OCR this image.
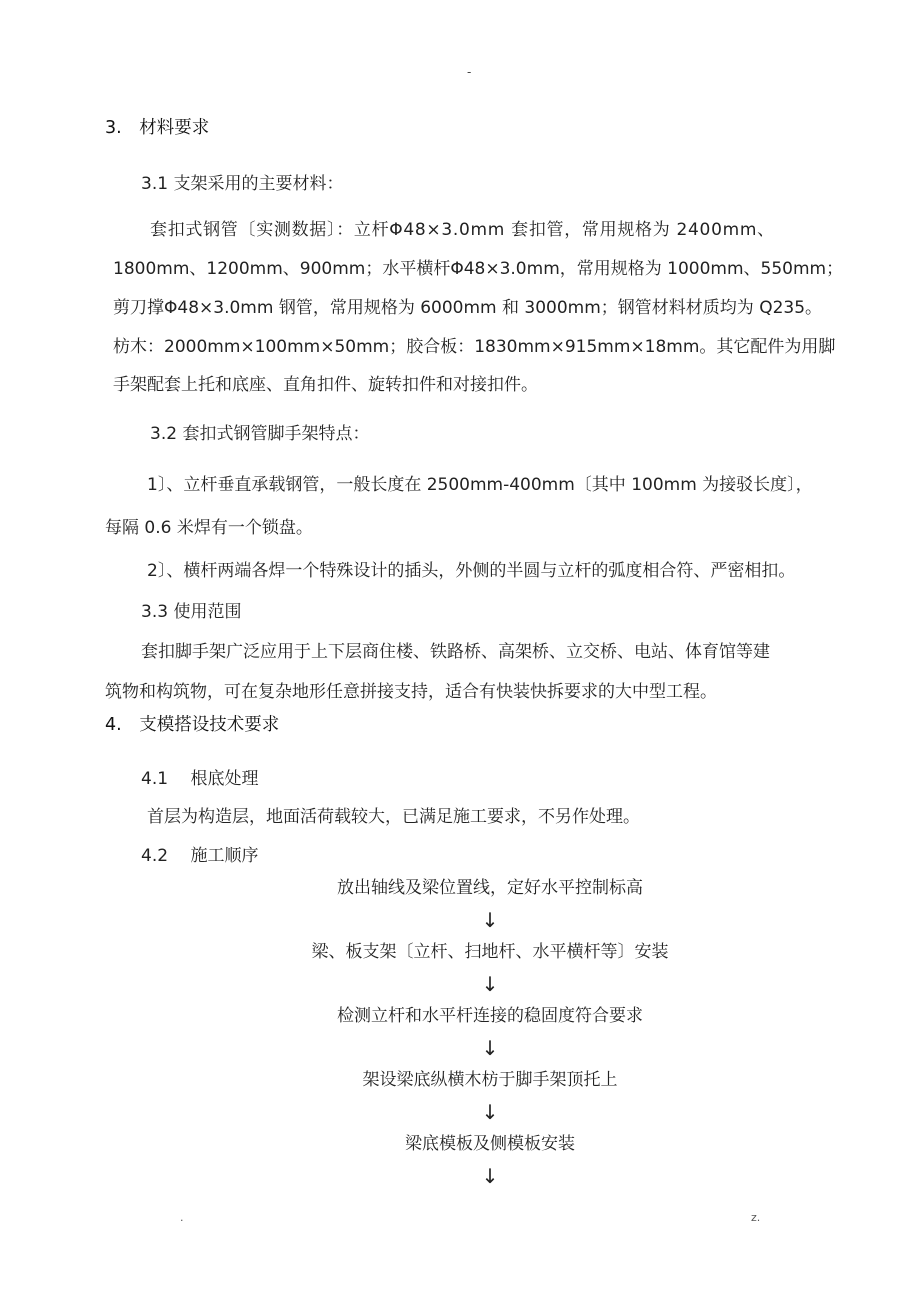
-
3.　材料要求
3.1 支架采用的主要材料：
套扣式钢管〔实测数据〕：立杆Φ48×3.0mm 套扣管，常用规格为 2400mm、
1800mm、1200mm、900mm；水平横杆Φ48×3.0mm，常用规格为 1000mm、550mm；
剪刀撑Φ48×3.0mm 钢管，常用规格为 6000mm 和 3000mm；钢管材料材质均为 Q235。
枋木：2000mm×100mm×50mm；胶合板：1830mm×915mm×18mm。其它配件为用脚
手架配套上托和底座、直角扣件、旋转扣件和对接扣件。
3.2 套扣式钢管脚手架特点：
1〕、立杆垂直承载钢管，一般长度在 2500mm-400mm〔其中 100mm 为接驳长度〕，
每隔 0.6 米焊有一个锁盘。
2〕、横杆两端各焊一个特殊设计的插头，外侧的半圆与立杆的弧度相合符、严密相扣。
3.3 使用范围
套扣脚手架广泛应用于上下层商住楼、铁路桥、高架桥、立交桥、电站、体育馆等建
筑物和构筑物，可在复杂地形任意拼接支持，适合有快装快拆要求的大中型工程。
4.　支模搭设技术要求
4.1　 根底处理
首层为构造层，地面活荷载较大，已满足施工要求，不另作处理。
4.2　 施工顺序
放出轴线及梁位置线，定好水平控制标高
↓
梁、板支架〔立杆、扫地杆、水平横杆等〕安装
↓
检测立杆和水平杆连接的稳固度符合要求
↓
架设梁底纵横木枋于脚手架顶托上
↓
梁底模板及侧模板安装
↓
.	z.
